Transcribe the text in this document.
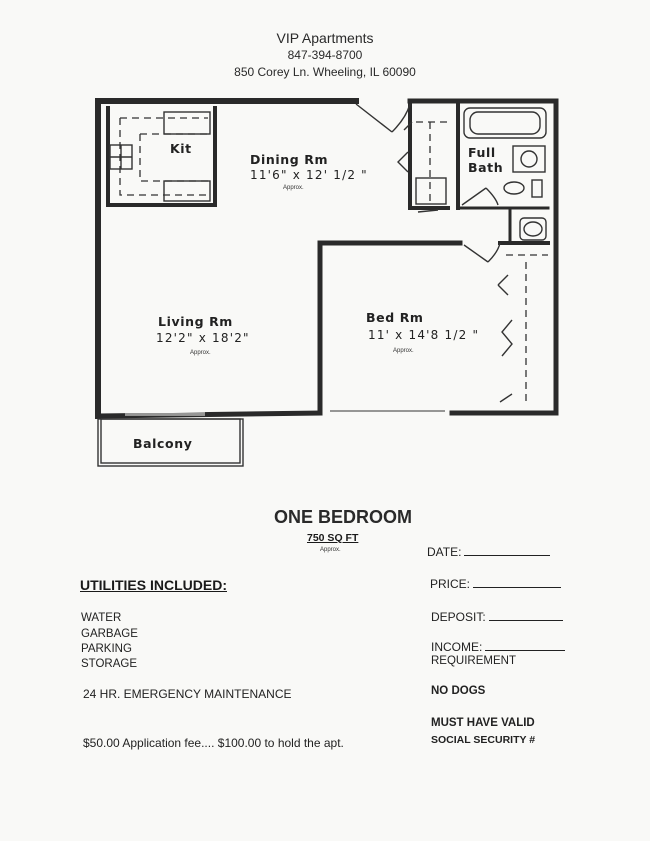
VIP Apartments
847-394-8700
850 Corey Ln. Wheeling, IL 60090
Kit
Dining Rm
11'6" x 12' 1/2 "
Approx.
Full
Bath
Living Rm
12'2" x 18'2"
Approx.
Bed Rm
11' x 14'8 1/2 "
Approx.
Balcony
ONE BEDROOM
750 SQ FT
Approx.
UTILITIES INCLUDED:
WATER
GARBAGE
PARKING
STORAGE
24 HR. EMERGENCY MAINTENANCE
$50.00 Application fee.... $100.00 to hold the apt.
DATE:
PRICE:
DEPOSIT:
INCOME:
REQUIREMENT
NO DOGS
MUST HAVE VALID
SOCIAL SECURITY #
